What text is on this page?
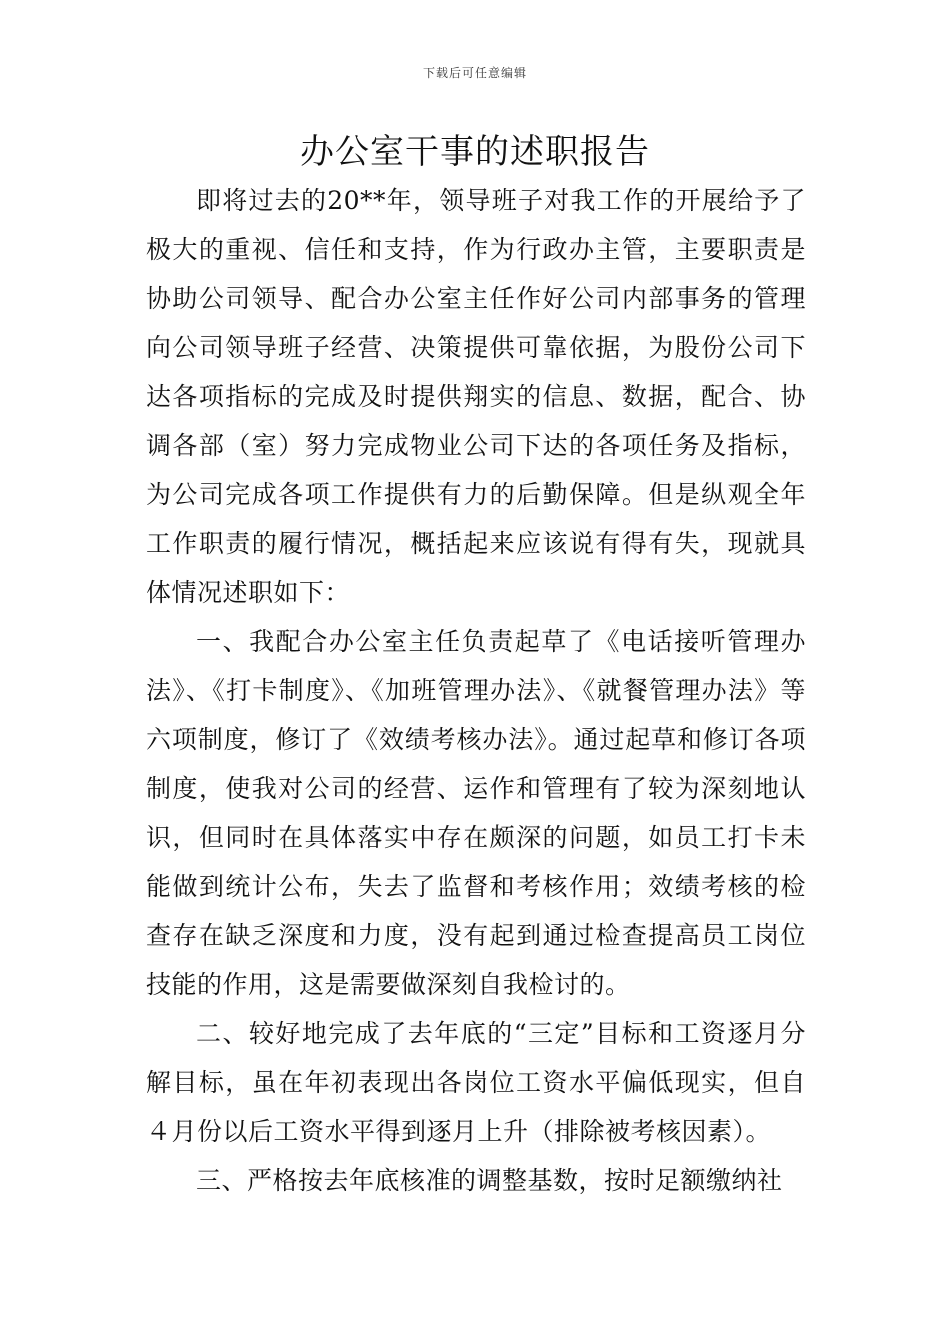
下载后可任意编辑
办公室干事的述职报告

即将过去的20**年，领导班子对我工作的开展给予了极大的重视、信任和支持，作为行政办主管，主要职责是协助公司领导、配合办公室主任作好公司内部事务的管理向公司领导班子经营、决策提供可靠依据，为股份公司下达各项指标的完成及时提供翔实的信息、数据，配合、协调各部（室）努力完成物业公司下达的各项任务及指标，为公司完成各项工作提供有力的后勤保障。但是纵观全年工作职责的履行情况，概括起来应该说有得有失，现就具体情况述职如下：

一、我配合办公室主任负责起草了《电话接听管理办法》、《打卡制度》、《加班管理办法》、《就餐管理办法》等六项制度，修订了《效绩考核办法》。通过起草和修订各项制度，使我对公司的经营、运作和管理有了较为深刻地认识，但同时在具体落实中存在颇深的问题，如员工打卡未能做到统计公布，失去了监督和考核作用；效绩考核的检查存在缺乏深度和力度，没有起到通过检查提高员工岗位技能的作用，这是需要做深刻自我检讨的。

二、较好地完成了去年底的“三定”目标和工资逐月分解目标，虽在年初表现出各岗位工资水平偏低现实，但自４月份以后工资水平得到逐月上升（排除被考核因素）。

三、严格按去年底核准的调整基数，按时足额缴纳社
